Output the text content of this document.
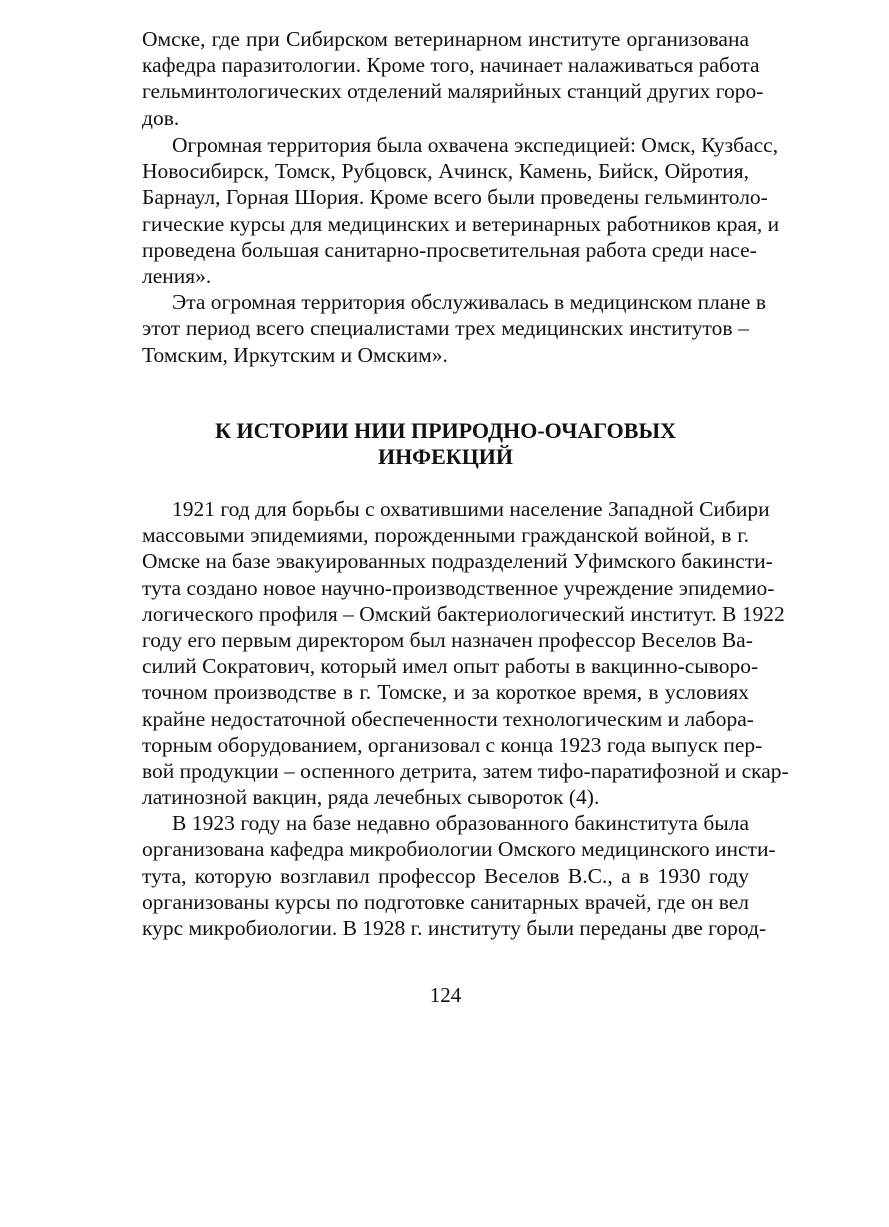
Омске, где при Сибирском ветеринарном институте организована
кафедра паразитологии. Кроме того, начинает налаживаться работа
гельминтологических отделений малярийных станций других горо-
дов.
Огромная территория была охвачена экспедицией: Омск, Кузбасс,
Новосибирск, Томск, Рубцовск, Ачинск, Камень, Бийск, Ойротия,
Барнаул, Горная Шория. Кроме всего были проведены гельминтоло-
гические курсы для медицинских и ветеринарных работников края, и
проведена большая санитарно-просветительная работа среди насе-
ления».
Эта огромная территория обслуживалась в медицинском плане в
этот период всего специалистами трех медицинских институтов –
Томским, Иркутским и Омским».
К ИСТОРИИ НИИ ПРИРОДНО-ОЧАГОВЫХ
ИНФЕКЦИЙ
1921 год для борьбы с охватившими население Западной Сибири
массовыми эпидемиями, порожденными гражданской войной, в г.
Омске на базе эвакуированных подразделений Уфимского бакинсти-
тута создано новое научно-производственное учреждение эпидемио-
логического профиля – Омский бактериологический институт. В 1922
году его первым директором был назначен профессор Веселов Ва-
силий Сократович, который имел опыт работы в вакцинно-сыворо-
точном производстве в г. Томске, и за короткое время, в условиях
крайне недостаточной обеспеченности технологическим и лабора-
торным оборудованием, организовал с конца 1923 года выпуск пер-
вой продукции – оспенного детрита, затем тифо-паратифозной и скар-
латинозной вакцин, ряда лечебных сывороток (4).
В 1923 году на базе недавно образованного бакинститута была
организована кафедра микробиологии Омского медицинского инсти-
тута, которую возглавил профессор Веселов В.С., а в 1930 году
организованы курсы по подготовке санитарных врачей, где он вел
курс микробиологии. В 1928 г. институту были переданы две город-
124
